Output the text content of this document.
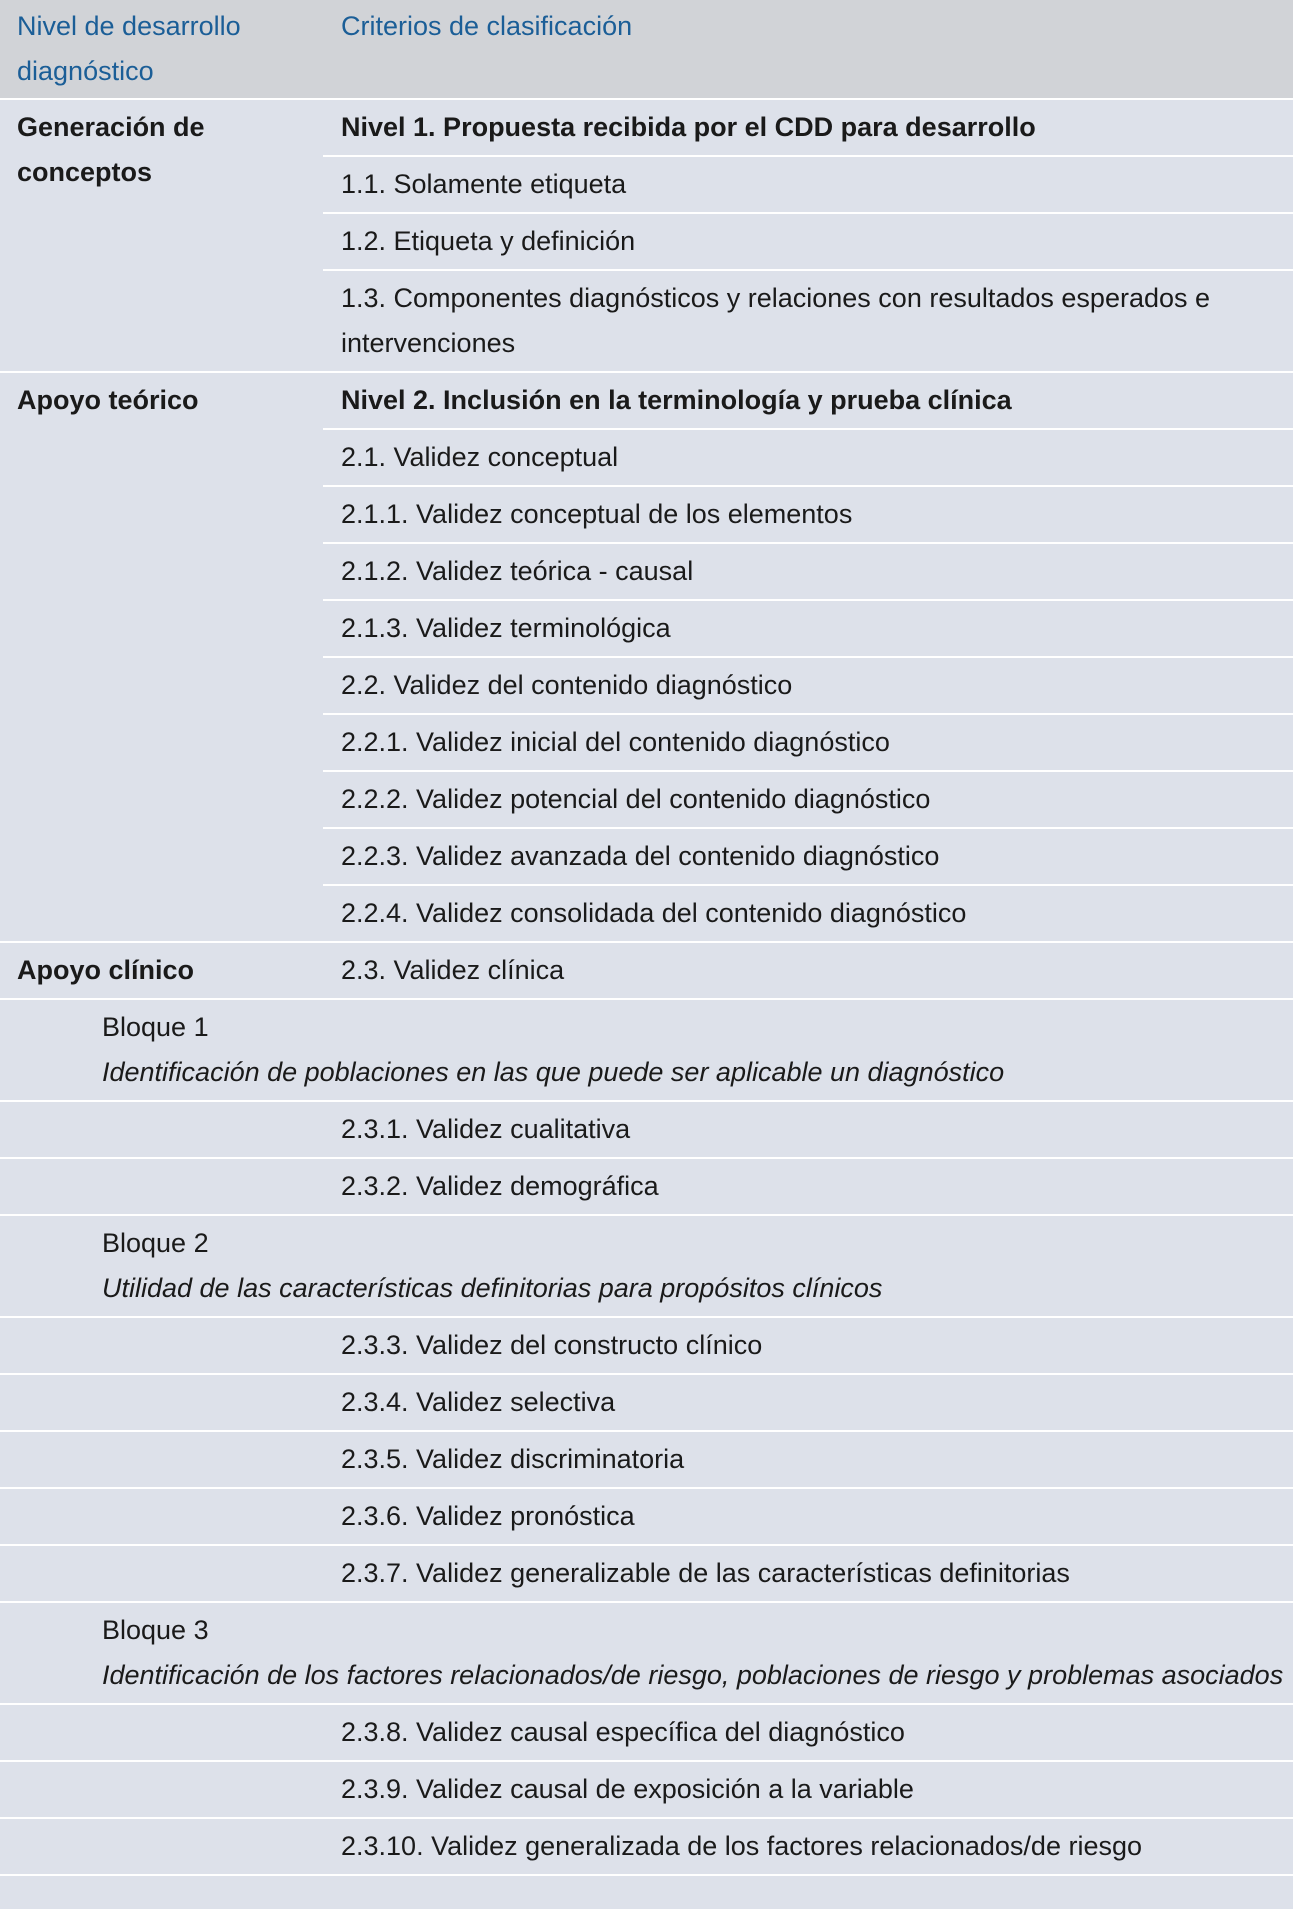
Nivel de desarrollo diagnóstico
Criterios de clasificación
Generación de conceptos
Nivel 1. Propuesta recibida por el CDD para desarrollo
1.1. Solamente etiqueta
1.2. Etiqueta y definición
1.3. Componentes diagnósticos y relaciones con resultados esperados e intervenciones
Apoyo teórico	Nivel 2. Inclusión en la terminología y prueba clínica
2.1. Validez conceptual
2.1.1. Validez conceptual de los elementos
2.1.2. Validez teórica - causal
2.1.3. Validez terminológica
2.2. Validez del contenido diagnóstico
2.2.1. Validez inicial del contenido diagnóstico
2.2.2. Validez potencial del contenido diagnóstico
2.2.3. Validez avanzada del contenido diagnóstico
2.2.4. Validez consolidada del contenido diagnóstico
Apoyo clínico	2.3. Validez clínica
Bloque 1
Identificación de poblaciones en las que puede ser aplicable un diagnóstico
2.3.1. Validez cualitativa
2.3.2. Validez demográfica
Bloque 2
Utilidad de las características definitorias para propósitos clínicos
2.3.3. Validez del constructo clínico
2.3.4. Validez selectiva
2.3.5. Validez discriminatoria
2.3.6. Validez pronóstica
2.3.7. Validez generalizable de las características definitorias
Bloque 3
Identificación de los factores relacionados/de riesgo, poblaciones de riesgo y problemas asociados
2.3.8. Validez causal específica del diagnóstico
2.3.9. Validez causal de exposición a la variable
2.3.10. Validez generalizada de los factores relacionados/de riesgo
